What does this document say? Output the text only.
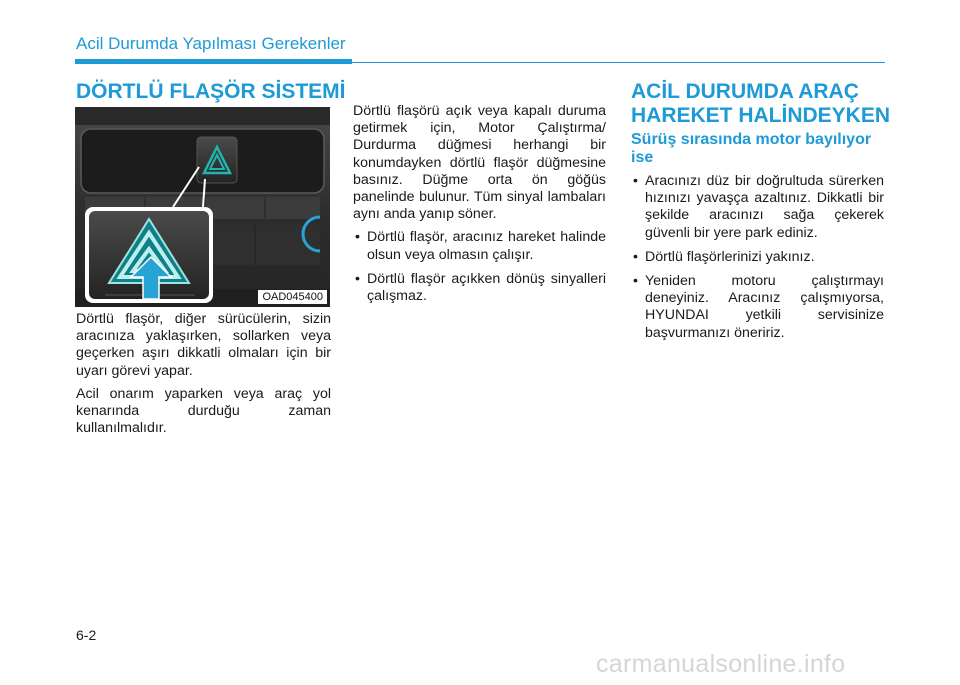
Acil Durumda Yapılması Gerekenler
DÖRTLÜ FLAŞÖR SİSTEMİ
OAD045400

Dörtlü flaşör, diğer sürücülerin, sizin aracınıza yaklaşırken, sollarken veya geçerken aşırı dikkatli olmaları için bir uyarı görevi yapar.

Acil onarım yaparken veya araç yol kenarında durduğu zaman kullanılmalıdır.

Dörtlü flaşörü açık veya kapalı duruma getirmek için, Motor Çalıştırma/ Durdurma düğmesi herhangi bir konumdayken dörtlü flaşör düğmesine basınız. Düğme orta ön göğüs panelinde bulunur. Tüm sinyal lambaları aynı anda yanıp söner.

• Dörtlü flaşör, aracınız hareket halinde olsun veya olmasın çalışır.
• Dörtlü flaşör açıkken dönüş sinyalleri çalışmaz.
ACİL DURUMDA ARAÇ HAREKET HALİNDEYKEN
Sürüş sırasında motor bayılıyor ise
• Aracınızı düz bir doğrultuda sürerken hızınızı yavaşça azaltınız. Dikkatli bir şekilde aracınızı sağa çekerek güvenli bir yere park ediniz.
• Dörtlü flaşörlerinizi yakınız.
• Yeniden motoru çalıştırmayı deneyiniz. Aracınız çalışmıyorsa, HYUNDAI yetkili servisinize başvurmanızı öneririz.
6-2
carmanualsonline.info
